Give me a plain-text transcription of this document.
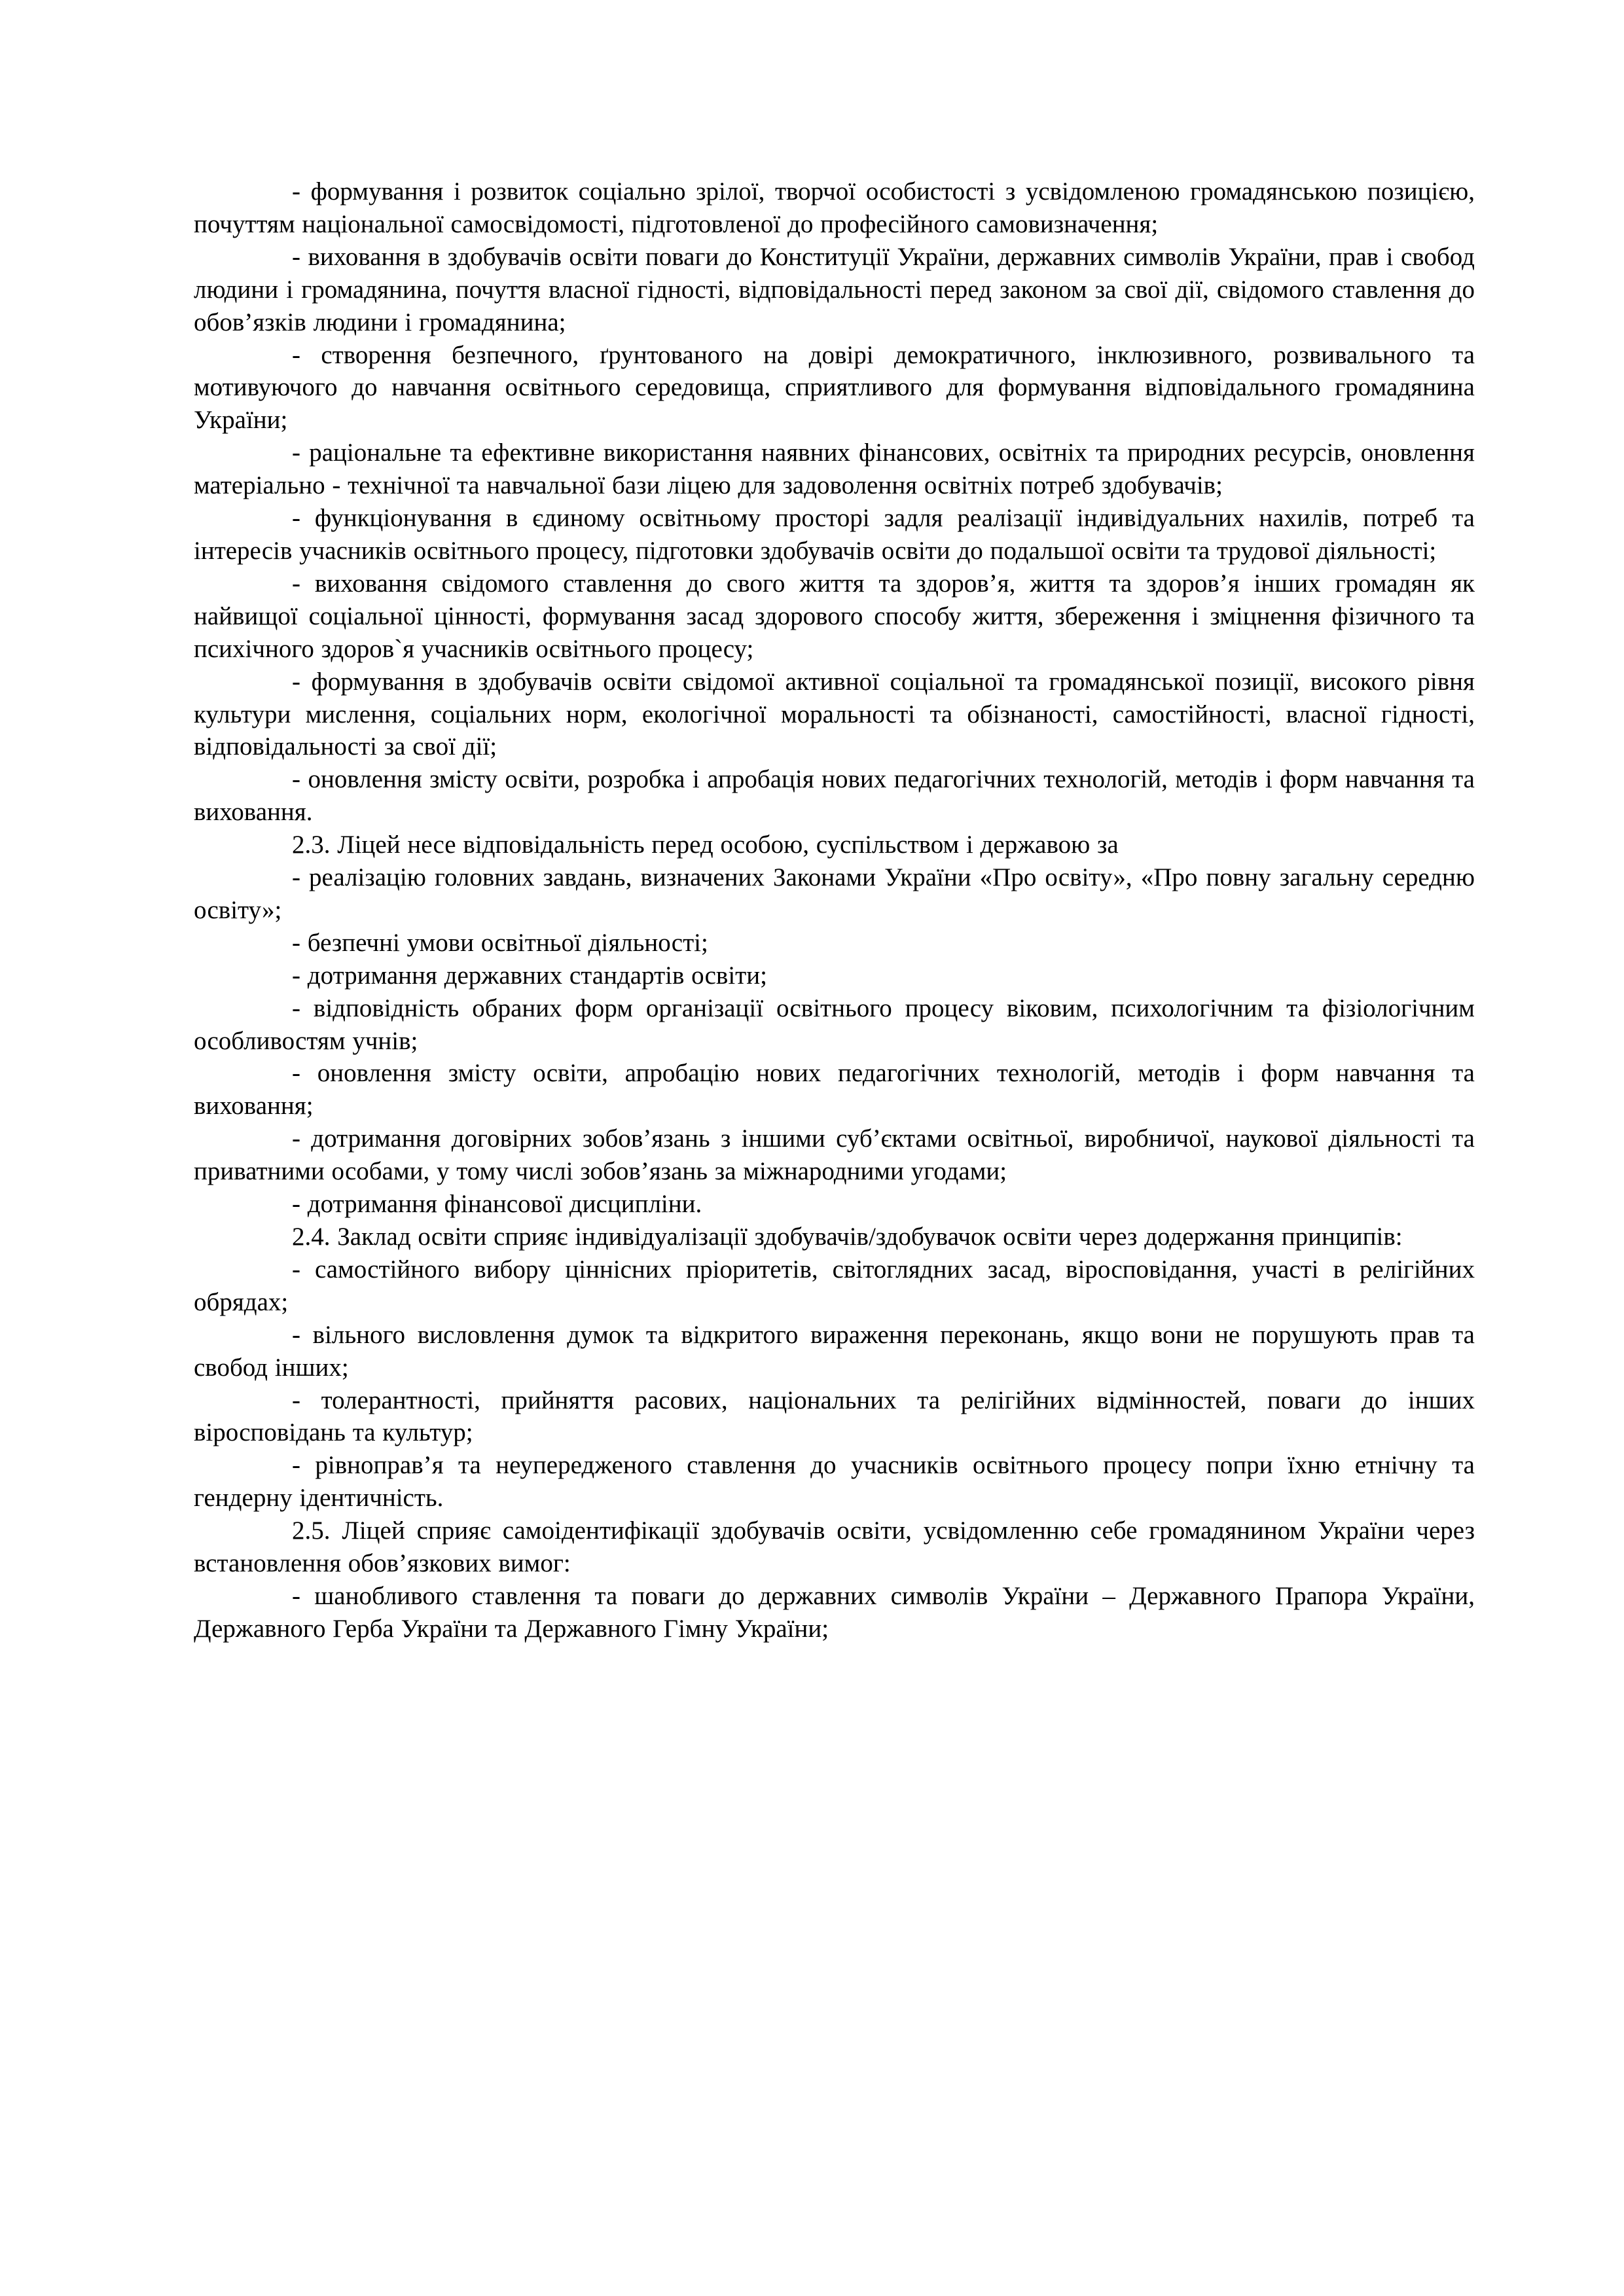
- формування і розвиток соціально зрілої, творчої особистості з усвідомленою громадянською позицією, почуттям національної самосвідомості, підготовленої до професійного самовизначення;

- виховання в здобувачів освіти поваги до Конституції України, державних символів України, прав і свобод людини і громадянина, почуття власної гідності, відповідальності перед законом за свої дії, свідомого ставлення до обов’язків людини і громадянина;

- створення безпечного, ґрунтованого на довірі демократичного, інклюзивного, розвивального та мотивуючого до навчання освітнього середовища, сприятливого для формування відповідального громадянина України;

- раціональне та ефективне використання наявних фінансових, освітніх та природних ресурсів, оновлення матеріально - технічної та навчальної бази ліцею для задоволення освітніх потреб здобувачів;

- функціонування в єдиному освітньому просторі задля реалізації індивідуальних нахилів, потреб та інтересів учасників освітнього процесу, підготовки здобувачів освіти до подальшої освіти та трудової діяльності;

- виховання свідомого ставлення до свого життя та здоров’я, життя та здоров’я інших громадян як найвищої соціальної цінності, формування засад здорового способу життя, збереження і зміцнення фізичного та психічного здоров`я учасників освітнього процесу;

- формування в здобувачів освіти свідомої активної соціальної та громадянської позиції, високого рівня культури мислення, соціальних норм, екологічної моральності та обізнаності, самостійності, власної гідності, відповідальності за свої дії;

- оновлення змісту освіти, розробка і апробація нових педагогічних технологій, методів і форм навчання та виховання.

2.3. Ліцей несе відповідальність перед особою, суспільством і державою за

- реалізацію головних завдань, визначених Законами України «Про освіту», «Про повну загальну середню освіту»;

- безпечні умови освітньої діяльності;

- дотримання державних стандартів освіти;

- відповідність обраних форм організації освітнього процесу віковим, психологічним та фізіологічним особливостям учнів;

- оновлення змісту освіти, апробацію нових педагогічних технологій, методів і форм навчання та виховання;

- дотримання договірних зобов’язань з іншими суб’єктами освітньої, виробничої, наукової діяльності та приватними особами, у тому числі зобов’язань за міжнародними угодами;

- дотримання фінансової дисципліни.

2.4. Заклад освіти сприяє індивідуалізації здобувачів/здобувачок освіти через додержання принципів:

- самостійного вибору ціннісних пріоритетів, світоглядних засад, віросповідання, участі в релігійних обрядах;

- вільного висловлення думок та відкритого вираження переконань, якщо вони не порушують прав та свобод інших;

- толерантності, прийняття расових, національних та релігійних відмінностей, поваги до інших віросповідань та культур;

- рівноправ’я та неупередженого ставлення до учасників освітнього процесу попри їхню етнічну та гендерну ідентичність.

2.5. Ліцей сприяє самоідентифікації здобувачів освіти, усвідомленню себе громадянином України через встановлення обов’язкових вимог:

- шанобливого ставлення та поваги до державних символів України – Державного Прапора України, Державного Герба України та Державного Гімну України;
